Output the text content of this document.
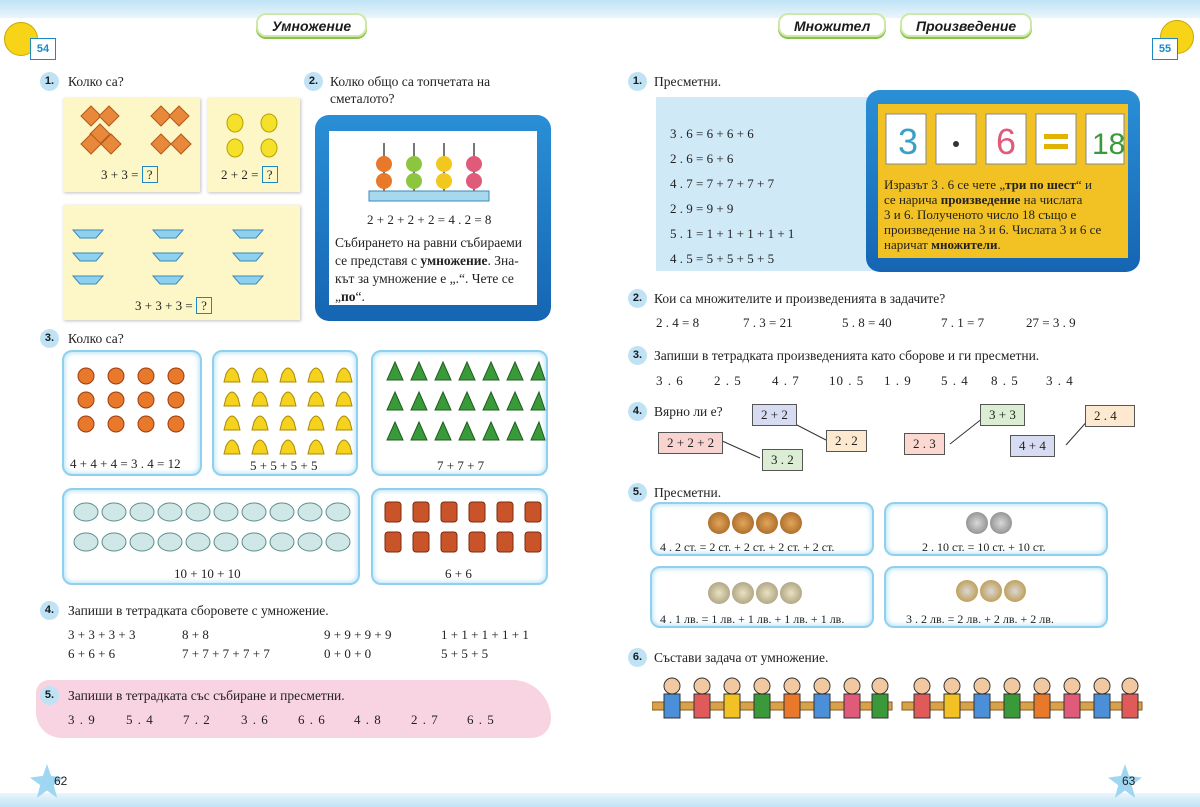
54
Умножение
1.	Колко са?
3 + 3 = ?	2 + 2 = ?
3 + 3 + 3 = ?
2. Колко общо са топчетата на
сметалото?
2 + 2 + 2 + 2 = 4 . 2 = 8
Събирането на равни събираеми
се представя с умножение. Зна-
кът за умножение е „.“. Чете се
„по“.
3.	Колко са?
4 + 4 + 4 = 3 . 4 = 12	5 + 5 + 5 + 5	7 + 7 + 7
10 + 10 + 10	6 + 6
4.	Запиши в тетрадката сборовете с умножение.
3 + 3 + 3 + 3	8 + 8	9 + 9 + 9 + 9	1 + 1 + 1 + 1 + 1
6 + 6 + 6	7 + 7 + 7 + 7 + 7	0 + 0 + 0	5 + 5 + 5
5.	Запиши в тетрадката със събиране и пресметни.
3 . 9 5 . 4 7 . 2 3 . 6 6 . 6 4 . 8 2 . 7 6 . 5
62
Множител	Произведение
55
1. Пресметни.
3 . 6 = 6 + 6 + 6
2 . 6 = 6 + 6
4 . 7 = 7 + 7 + 7 + 7
2 . 9 = 9 + 9
5 . 1 = 1 + 1 + 1 + 1 + 1
4 . 5 = 5 + 5 + 5 + 5
3 6	18
Изразът 3 . 6 се чете „три по шест“ и
се нарича произведение на числата
3 и 6. Полученото число 18 също е
произведение на 3 и 6. Числата 3 и 6 се
наричат множители.
2. Кои са множителите и произведенията в задачите?
2 . 4 = 8	7 . 3 = 21	5 . 8 = 40	7 . 1 = 7	27 = 3 . 9
3. Запиши в тетрадката произведенията като сборове и ги пресметни.
3 . 6 2 . 5 4 . 7 10 . 5 1 . 9 5 . 4 8 . 5 3 . 4
4. Вярно ли е?
2 + 2 + 2
2 + 2
3 . 2
2 . 2	2 . 3
3 + 3
4 + 4
2 . 4
5. Пресметни.
4 . 2 ст. = 2 ст. + 2 ст. + 2 ст. + 2 ст.	2 . 10 ст. = 10 ст. + 10 ст.
4 . 1 лв. = 1 лв. + 1 лв. + 1 лв. + 1 лв.	3 . 2 лв. = 2 лв. + 2 лв. + 2 лв.
6. Състави задача от умножение.
63
